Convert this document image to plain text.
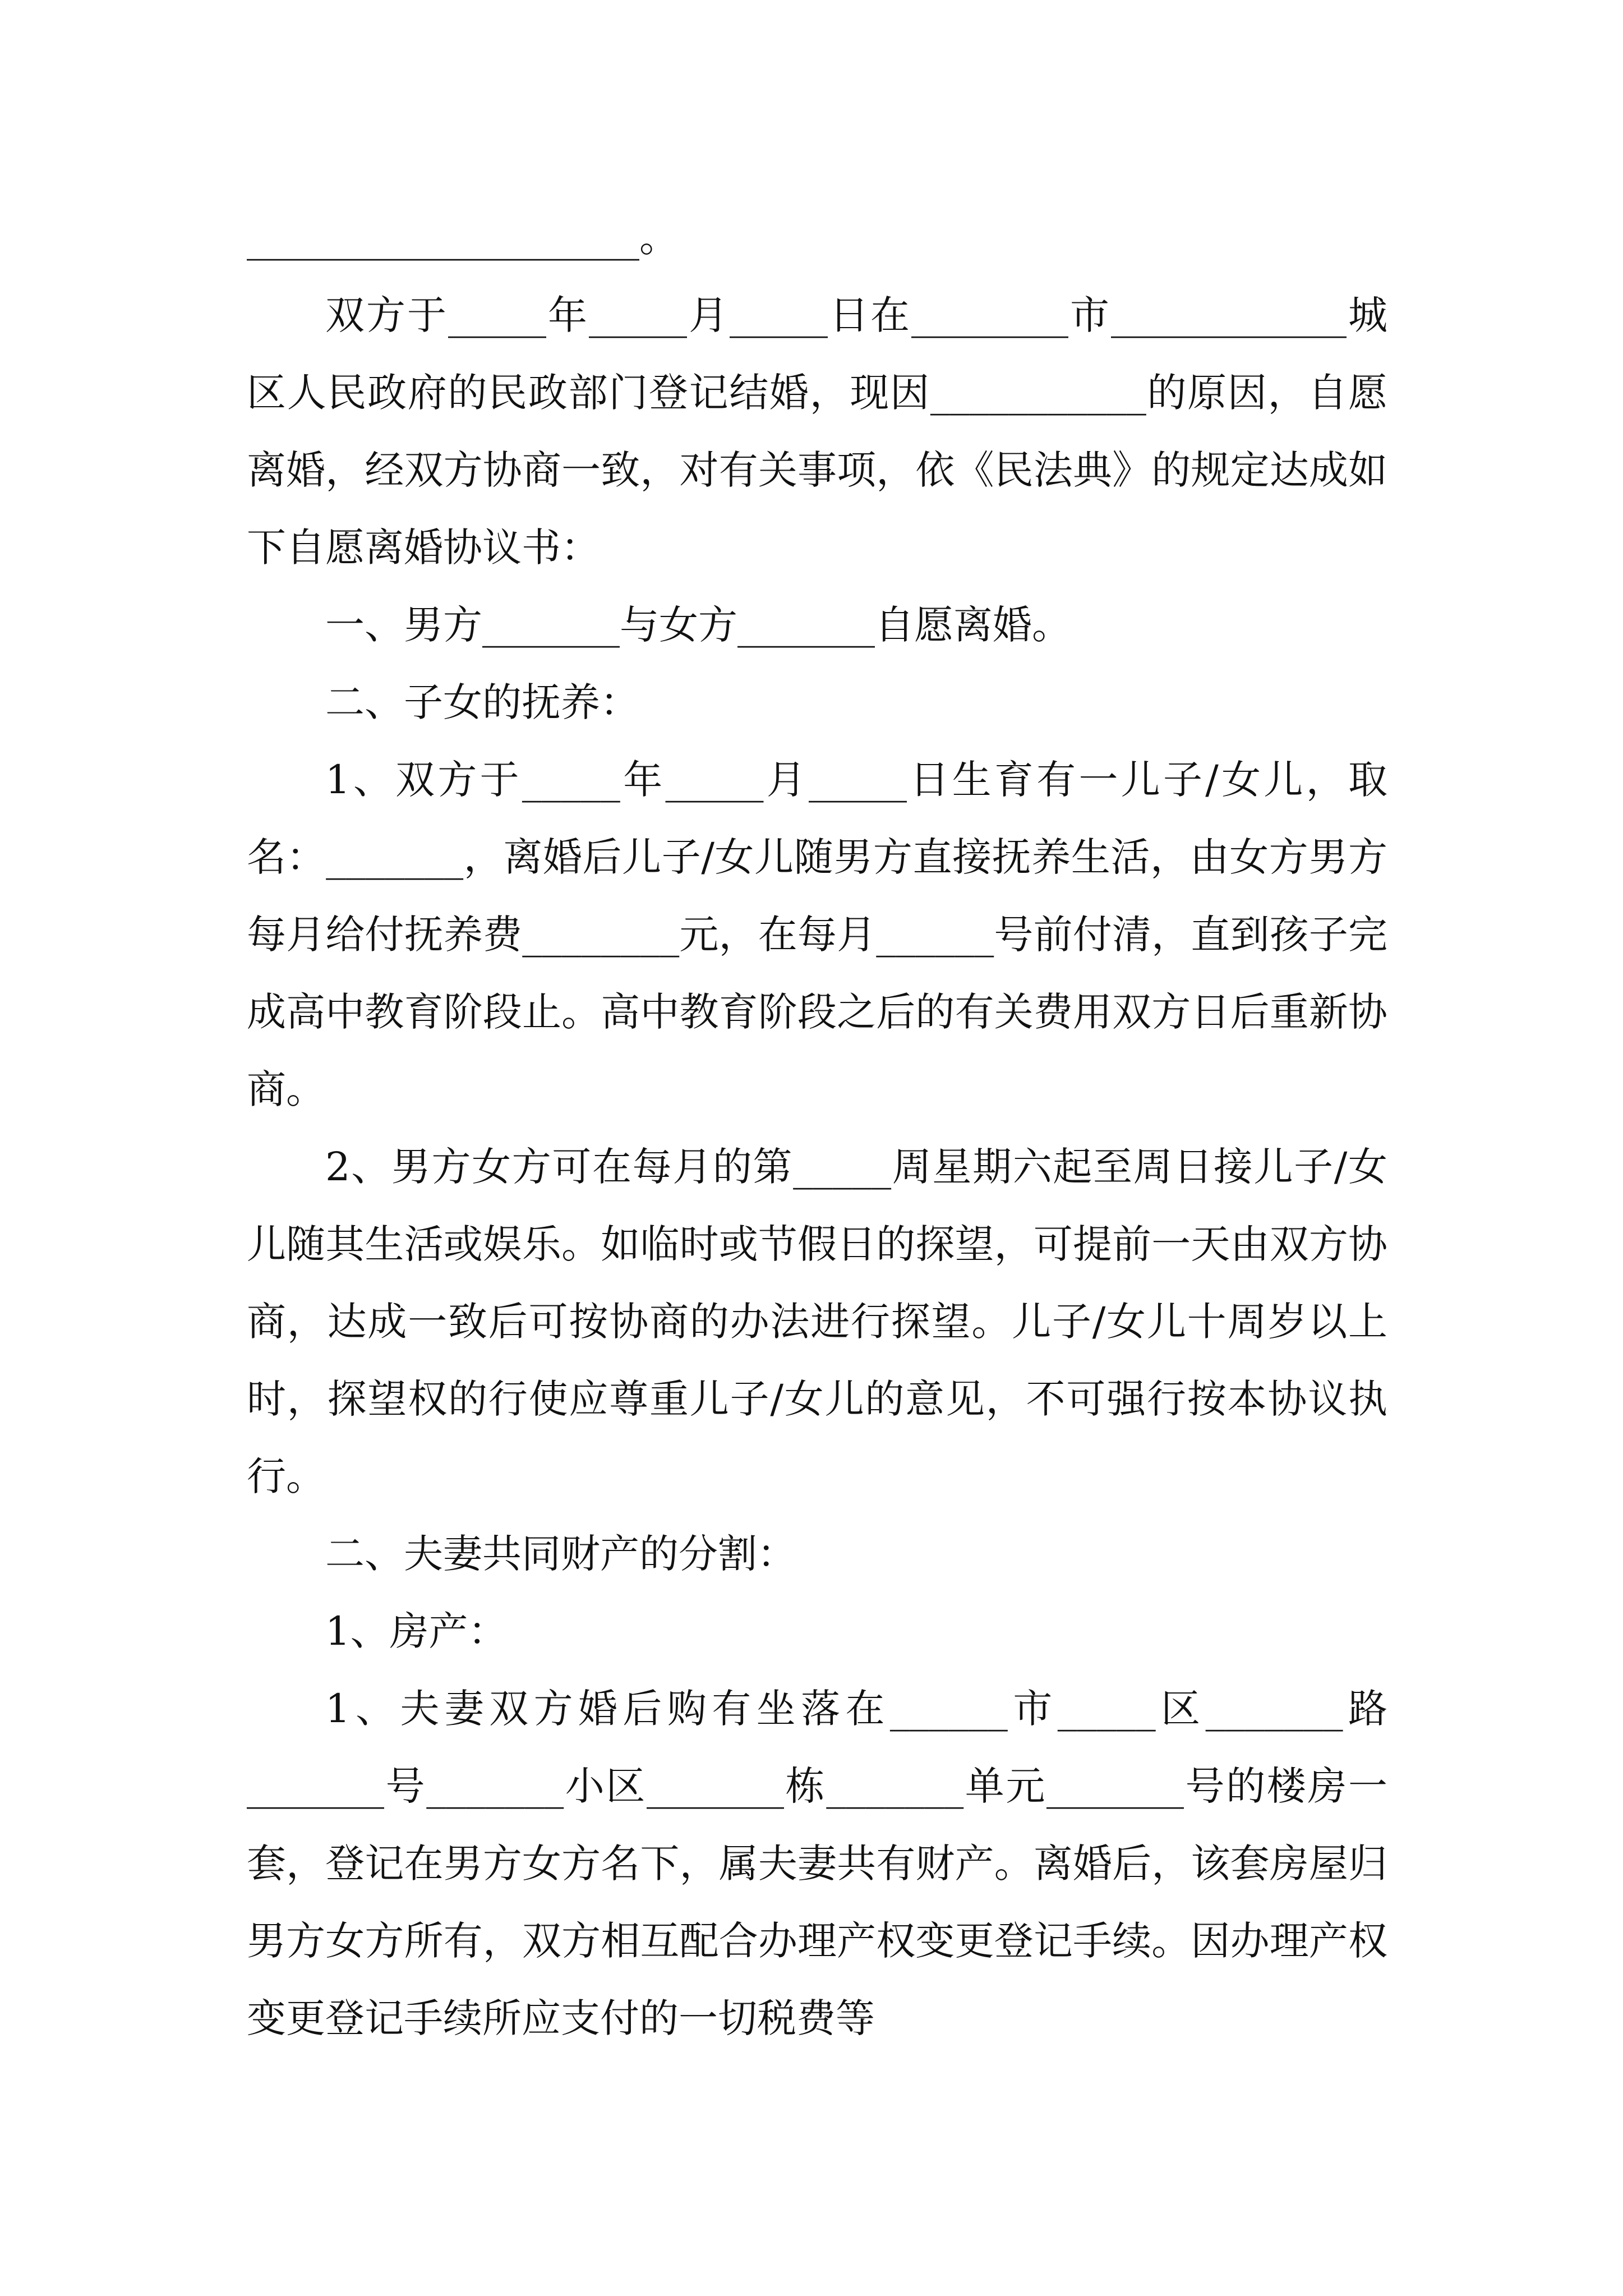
____________________。

双方于_____年_____月_____日在________市____________城区人民政府的民政部门登记结婚，现因___________的原因，自愿离婚，经双方协商一致，对有关事项，依《民法典》的规定达成如下自愿离婚协议书：

一、男方_______与女方_______自愿离婚。

二、子女的抚养：

1、双方于_____年_____月_____日生育有一儿子/女儿，取名：_______，离婚后儿子/女儿随男方直接抚养生活，由女方男方每月给付抚养费________元，在每月______号前付清，直到孩子完成高中教育阶段止。高中教育阶段之后的有关费用双方日后重新协商。

2、男方女方可在每月的第_____周星期六起至周日接儿子/女儿随其生活或娱乐。如临时或节假日的探望，可提前一天由双方协商，达成一致后可按协商的办法进行探望。儿子/女儿十周岁以上时，探望权的行使应尊重儿子/女儿的意见，不可强行按本协议执行。

二、夫妻共同财产的分割：

1、房产：

1、夫妻双方婚后购有坐落在______市_____区_______路_______号_______小区_______栋_______单元_______号的楼房一套，登记在男方女方名下，属夫妻共有财产。离婚后，该套房屋归男方女方所有，双方相互配合办理产权变更登记手续。因办理产权变更登记手续所应支付的一切税费等
